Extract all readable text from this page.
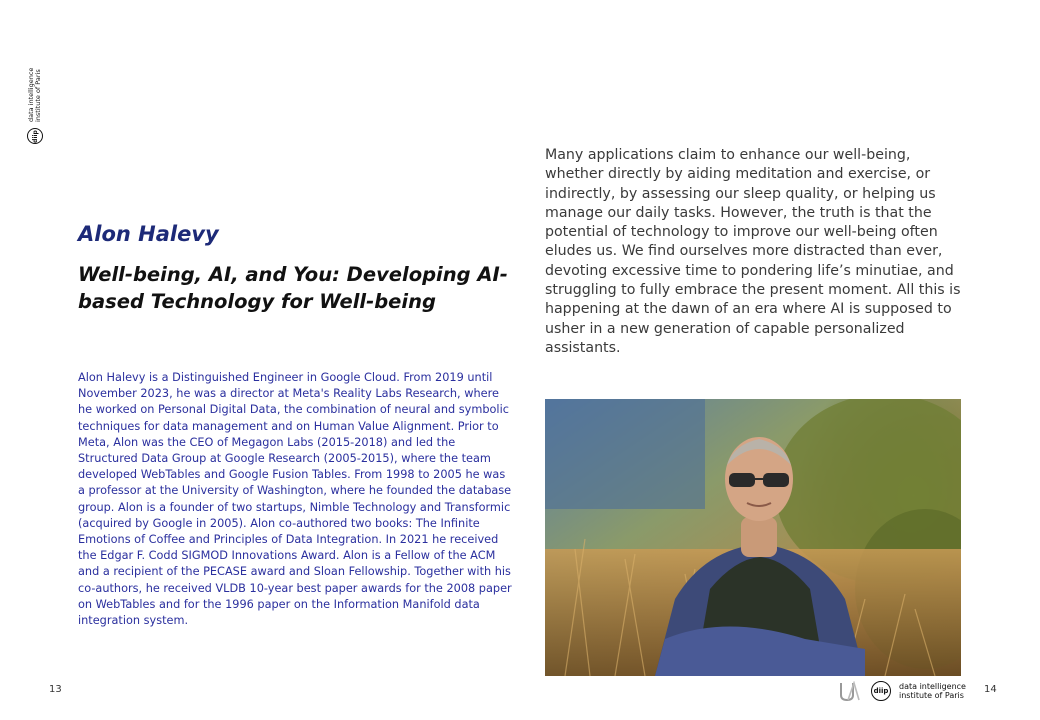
data intelligence institute of Paris
diip
Alon Halevy
Well-being, AI, and You: Developing AI-based Technology for Well-being

Alon Halevy is a Distinguished Engineer in Google Cloud. From 2019 until November 2023, he was a director at Meta's Reality Labs Research, where he worked on Personal Digital Data, the combination of neural and symbolic techniques for data management and on Human Value Alignment. Prior to Meta, Alon was the CEO of Megagon Labs (2015-2018) and led the Structured Data Group at Google Research (2005-2015), where the team developed WebTables and Google Fusion Tables. From 1998 to 2005 he was a professor at the University of Washington, where he founded the database group. Alon is a founder of two startups, Nimble Technology and Transformic (acquired by Google in 2005). Alon co-authored two books: The Infinite Emotions of Coffee and Principles of Data Integration. In 2021 he received the Edgar F. Codd SIGMOD Innovations Award. Alon is a Fellow of the ACM and a recipient of the PECASE award and Sloan Fellowship. Together with his co-authors, he received VLDB 10-year best paper awards for the 2008 paper on WebTables and for the 1996 paper on the Information Manifold data integration system.

Many applications claim to enhance our well-being, whether directly by aiding meditation and exercise, or indirectly, by assessing our sleep quality, or helping us manage our daily tasks. However, the truth is that the potential of technology to improve our well-being often eludes us. We find ourselves more distracted than ever, devoting excessive time to pondering life’s minutiae, and struggling to fully embrace the present moment. All this is happening at the dawn of an era where AI is supposed to usher in a new generation of capable personalized assistants.

13	diip	data intelligence
institute of Paris
14
